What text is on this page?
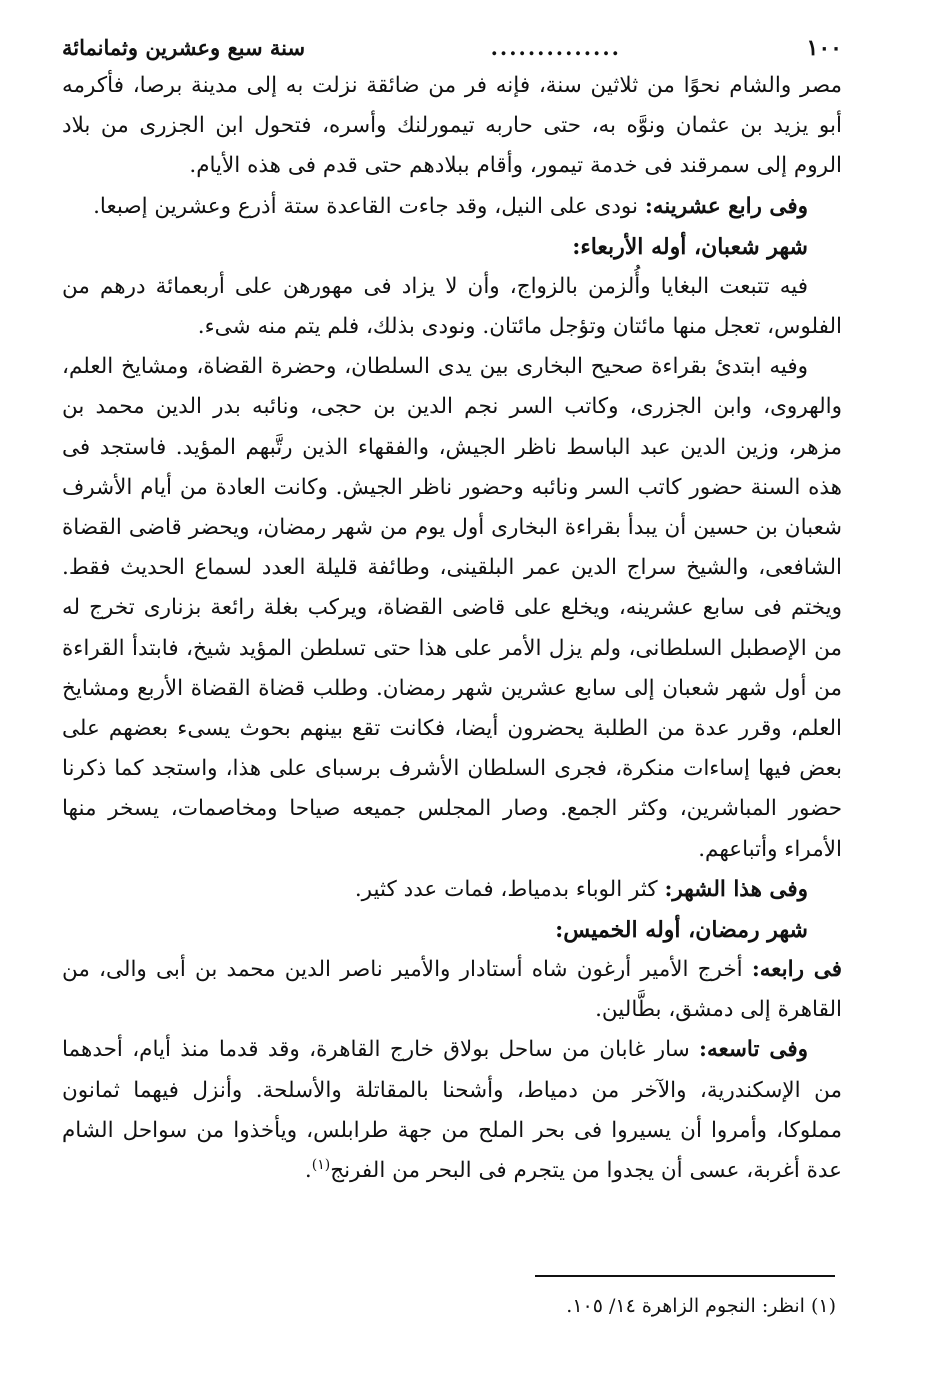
١٠٠
..............
سنة سبع وعشرين وثمانمائة

مصر والشام نحوًا من ثلاثين سنة، فإنه فر من ضائقة نزلت به إلى مدينة برصا، فأكرمه أبو يزيد بن عثمان ونوَّه به، حتى حاربه تيمورلنك وأسره، فتحول ابن الجزرى من بلاد الروم إلى سمرقند فى خدمة تيمور، وأقام ببلادهم حتى قدم فى هذه الأيام.

وفى رابع عشرينه: نودى على النيل، وقد جاءت القاعدة ستة أذرع وعشرين إصبعا.

شهر شعبان، أوله الأربعاء:

فيه تتبعت البغايا وأُلزمن بالزواج، وأن لا يزاد فى مهورهن على أربعمائة درهم من الفلوس، تعجل منها مائتان وتؤجل مائتان. ونودى بذلك، فلم يتم منه شىء.

وفيه ابتدئ بقراءة صحيح البخارى بين يدى السلطان، وحضرة القضاة، ومشايخ العلم، والهروى، وابن الجزرى، وكاتب السر نجم الدين بن حجى، ونائبه بدر الدين محمد بن مزهر، وزين الدين عبد الباسط ناظر الجيش، والفقهاء الذين رتَّبهم المؤيد. فاستجد فى هذه السنة حضور كاتب السر ونائبه وحضور ناظر الجيش. وكانت العادة من أيام الأشرف شعبان بن حسين أن يبدأ بقراءة البخارى أول يوم من شهر رمضان، ويحضر قاضى القضاة الشافعى، والشيخ سراج الدين عمر البلقينى، وطائفة قليلة العدد لسماع الحديث فقط. ويختم فى سابع عشرينه، ويخلع على قاضى القضاة، ويركب بغلة رائعة بزنارى تخرج له من الإصطبل السلطانى، ولم يزل الأمر على هذا حتى تسلطن المؤيد شيخ، فابتدأ القراءة من أول شهر شعبان إلى سابع عشرين شهر رمضان. وطلب قضاة القضاة الأربع ومشايخ العلم، وقرر عدة من الطلبة يحضرون أيضا، فكانت تقع بينهم بحوث يسىء بعضهم على بعض فيها إساءات منكرة، فجرى السلطان الأشرف برسباى على هذا، واستجد كما ذكرنا حضور المباشرين، وكثر الجمع. وصار المجلس جميعه صياحا ومخاصمات، يسخر منها الأمراء وأتباعهم.

وفى هذا الشهر: كثر الوباء بدمياط، فمات عدد كثير.

شهر رمضان، أوله الخميس:

فى رابعه: أخرج الأمير أرغون شاه أستادار والأمير ناصر الدين محمد بن أبى والى، من القاهرة إلى دمشق، بطَّالين.

وفى تاسعه: سار غابان من ساحل بولاق خارج القاهرة، وقد قدما منذ أيام، أحدهما من الإسكندرية، والآخر من دمياط، وأشحنا بالمقاتلة والأسلحة. وأنزل فيهما ثمانون مملوكا، وأمروا أن يسيروا فى بحر الملح من جهة طرابلس، ويأخذوا من سواحل الشام عدة أغربة، عسى أن يجدوا من يتجرم فى البحر من الفرنج$^{(١)}$.

(١) انظر: النجوم الزاهرة ١٤/ ١٠٥.
